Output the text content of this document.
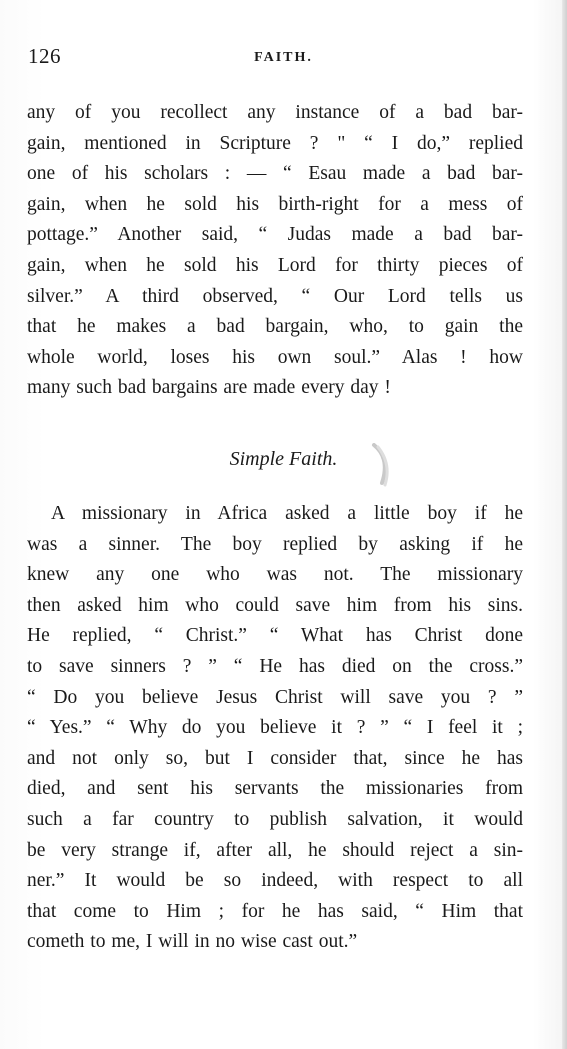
126	FAITH.
any of you recollect any instance of a bad bar-
gain, mentioned in Scripture ? " “ I do,” replied
one of his scholars : — “ Esau made a bad bar-
gain, when he sold his birth-right for a mess of
pottage.” Another said, “ Judas made a bad bar-
gain, when he sold his Lord for thirty pieces of
silver.” A third observed, “ Our Lord tells us
that he makes a bad bargain, who, to gain the
whole world, loses his own soul.” Alas ! how
many such bad bargains are made every day !
Simple Faith.
A missionary in Africa asked a little boy if he
was a sinner. The boy replied by asking if he
knew any one who was not. The missionary
then asked him who could save him from his sins.
He replied, “ Christ.” “ What has Christ done
to save sinners ? ” “ He has died on the cross.”
“ Do you believe Jesus Christ will save you ? ”
“ Yes.” “ Why do you believe it ? ” “ I feel it ;
and not only so, but I consider that, since he has
died, and sent his servants the missionaries from
such a far country to publish salvation, it would
be very strange if, after all, he should reject a sin-
ner.” It would be so indeed, with respect to all
that come to Him ; for he has said, “ Him that
cometh to me, I will in no wise cast out.”
